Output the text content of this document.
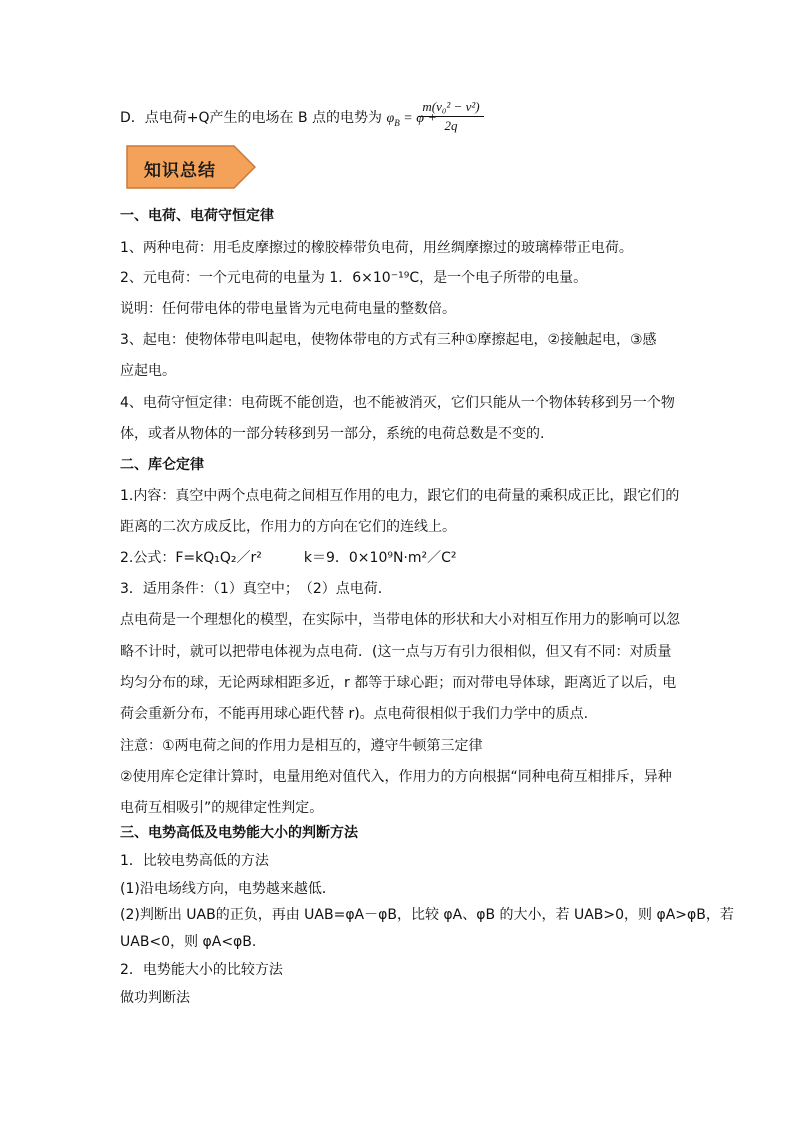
D．点电荷+Q产生的电场在 B 点的电势为 $\varphi_B = \varphi$ +
$\frac{\text{m(v₀² − v²)}}{2q}$
知识总结
一、电荷、电荷守恒定律
1、两种电荷：用毛皮摩擦过的橡胶棒带负电荷，用丝绸摩擦过的玻璃棒带正电荷。
2、元电荷：一个元电荷的电量为 1．6×10⁻¹⁹C，是一个电子所带的电量。
说明：任何带电体的带电量皆为元电荷电量的整数倍。
3、起电：使物体带电叫起电，使物体带电的方式有三种①摩擦起电，②接触起电，③感
应起电。
4、电荷守恒定律：电荷既不能创造，也不能被消灭，它们只能从一个物体转移到另一个物
体，或者从物体的一部分转移到另一部分，系统的电荷总数是不变的.
二、库仑定律
1.内容：真空中两个点电荷之间相互作用的电力，跟它们的电荷量的乘积成正比，跟它们的
距离的二次方成反比，作用力的方向在它们的连线上。
2.公式：F=kQ₁Q₂／r²　　　k＝9．0×10⁹N·m²／C²
3．适用条件：（1）真空中；　（2）点电荷．
点电荷是一个理想化的模型，在实际中，当带电体的形状和大小对相互作用力的影响可以忽
略不计时，就可以把带电体视为点电荷．(这一点与万有引力很相似，但又有不同：对质量
均匀分布的球，无论两球相距多近，r 都等于球心距；而对带电导体球，距离近了以后，电
荷会重新分布，不能再用球心距代替 r)。点电荷很相似于我们力学中的质点.
注意：①两电荷之间的作用力是相互的，遵守牛顿第三定律
②使用库仑定律计算时，电量用绝对值代入，作用力的方向根据“同种电荷互相排斥，异种
电荷互相吸引”的规律定性判定。
三、电势高低及电势能大小的判断方法
1．比较电势高低的方法
(1)沿电场线方向，电势越来越低．
(2)判断出 UAB的正负，再由 UAB=φA－φB，比较 φA、φB 的大小，若 UAB>0，则 φA>φB，若
UAB<0，则 φA<φB.
2．电势能大小的比较方法
做功判断法
